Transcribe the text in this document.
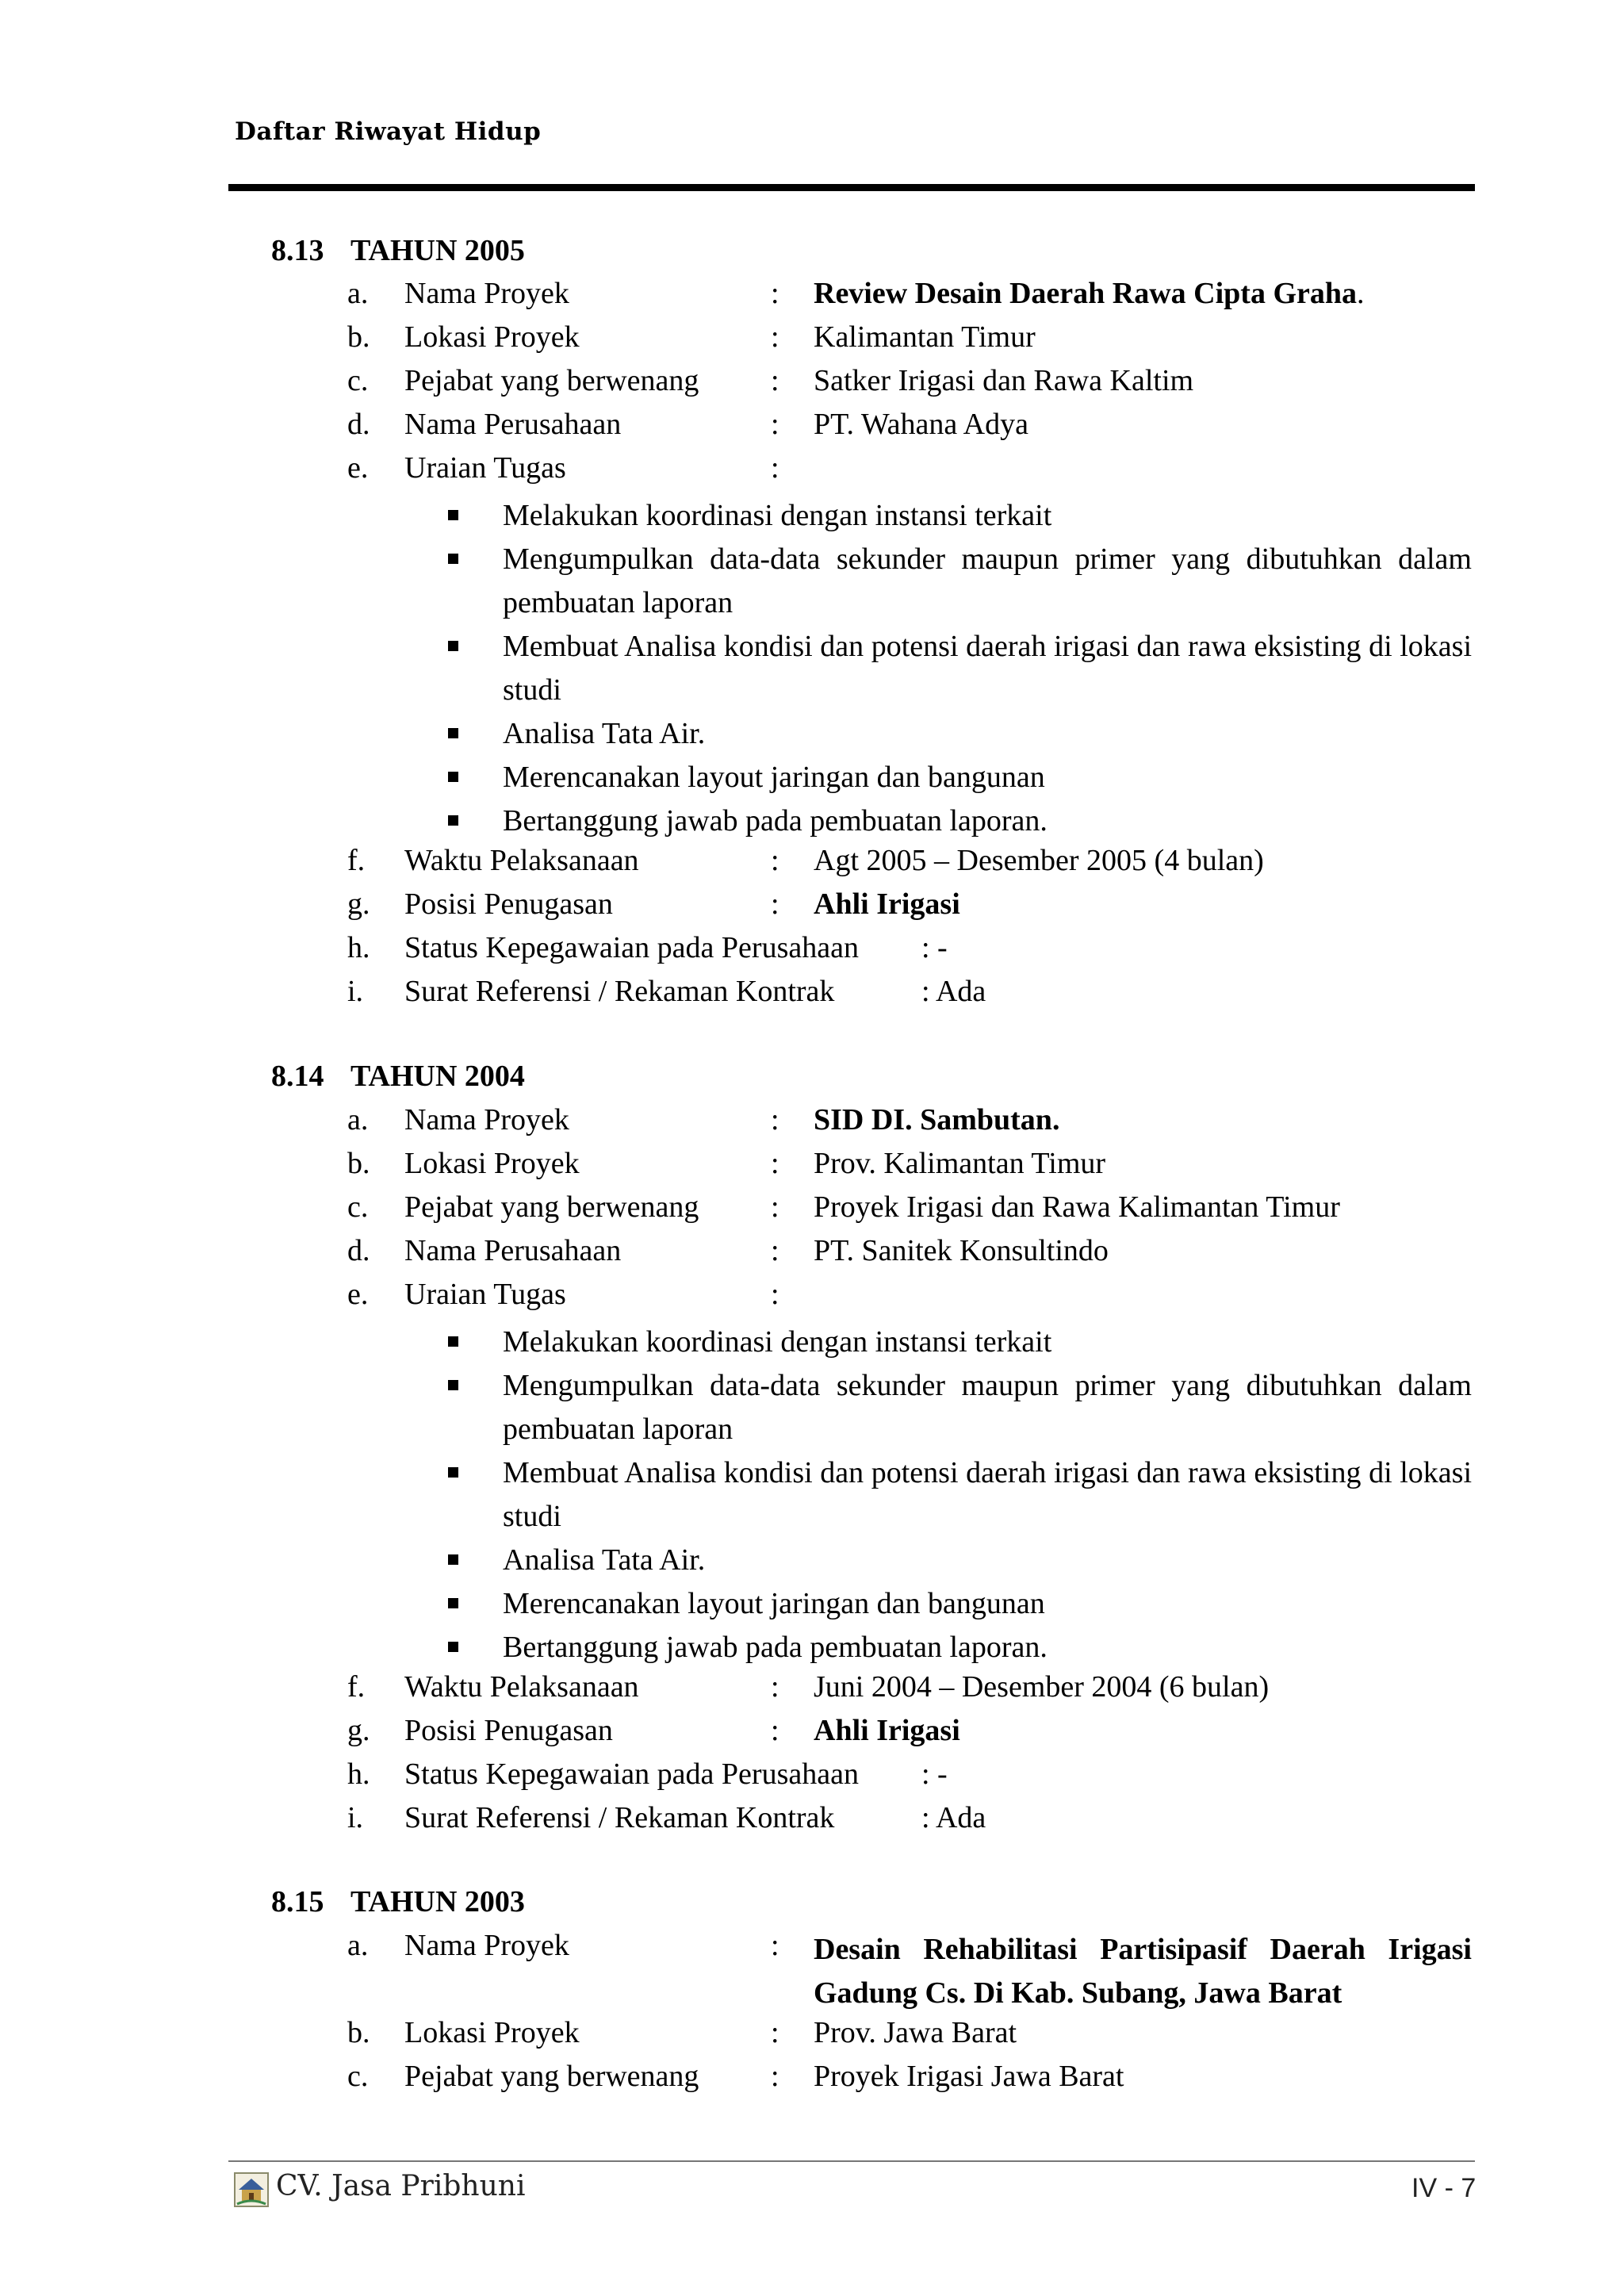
Daftar Riwayat Hidup
8.13 TAHUN 2005
a. Nama Proyek	: Review Desain Daerah Rawa Cipta Graha.
b. Lokasi Proyek	: Kalimantan Timur
c. Pejabat yang berwenang : Satker Irigasi dan Rawa Kaltim
d. Nama Perusahaan	: PT. Wahana Adya
e. Uraian Tugas	:
Melakukan koordinasi dengan instansi terkait
Mengumpulkan data-data sekunder maupun primer yang dibutuhkan dalam pembuatan laporan
Membuat Analisa kondisi dan potensi daerah irigasi dan rawa eksisting di lokasi studi
Analisa Tata Air.
Merencanakan layout jaringan dan bangunan
Bertanggung jawab pada pembuatan laporan.
f. Waktu Pelaksanaan	: Agt 2005 – Desember 2005 (4 bulan)
g. Posisi Penugasan	: Ahli Irigasi
h. Status Kepegawaian pada Perusahaan : -
i. Surat Referensi / Rekaman Kontrak	: Ada
8.14 TAHUN 2004
a. Nama Proyek	: SID DI. Sambutan.
b. Lokasi Proyek	: Prov. Kalimantan Timur
c. Pejabat yang berwenang : Proyek Irigasi dan Rawa Kalimantan Timur
d. Nama Perusahaan	: PT. Sanitek Konsultindo
e. Uraian Tugas	:
Melakukan koordinasi dengan instansi terkait
Mengumpulkan data-data sekunder maupun primer yang dibutuhkan dalam pembuatan laporan
Membuat Analisa kondisi dan potensi daerah irigasi dan rawa eksisting di lokasi studi
Analisa Tata Air.
Merencanakan layout jaringan dan bangunan
Bertanggung jawab pada pembuatan laporan.
f. Waktu Pelaksanaan	: Juni 2004 – Desember 2004 (6 bulan)
g. Posisi Penugasan	: Ahli Irigasi
h. Status Kepegawaian pada Perusahaan : -
i. Surat Referensi / Rekaman Kontrak	: Ada
8.15 TAHUN 2003
a. Nama Proyek	: Desain Rehabilitasi Partisipasif Daerah Irigasi Gadung Cs. Di Kab. Subang, Jawa Barat
b. Lokasi Proyek	: Prov. Jawa Barat
c. Pejabat yang berwenang : Proyek Irigasi Jawa Barat
CV. Jasa Pribhuni	IV - 7
